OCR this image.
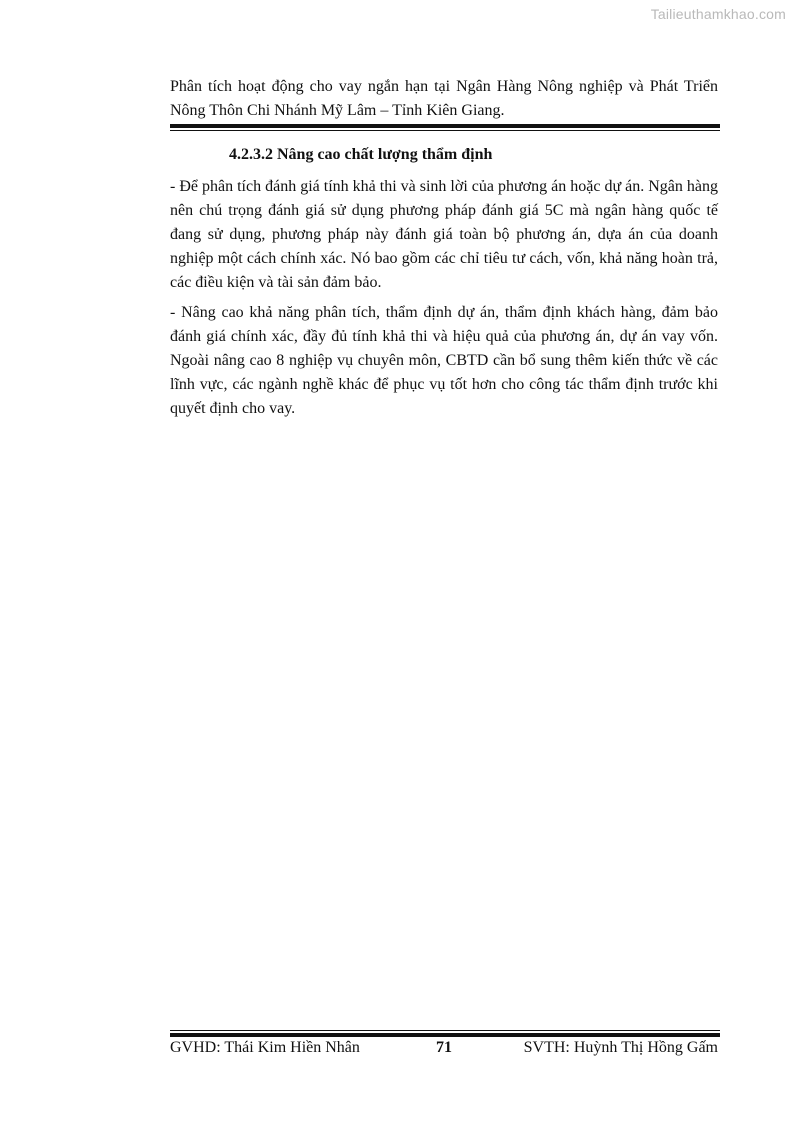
Tailieuthamkhao.com
Phân tích hoạt động cho vay ngắn hạn tại Ngân Hàng Nông nghiệp và Phát Triển Nông Thôn Chi Nhánh Mỹ Lâm – Tỉnh Kiên Giang.
4.2.3.2 Nâng cao chất lượng thẩm định

- Để phân tích đánh giá tính khả thi và sinh lời của phương án hoặc dự án. Ngân hàng nên chú trọng đánh giá sử dụng phương pháp đánh giá 5C mà ngân hàng quốc tế đang sử dụng, phương pháp này đánh giá toàn bộ phương án, dựa án của doanh nghiệp một cách chính xác. Nó bao gồm các chỉ tiêu tư cách, vốn, khả năng hoàn trả, các điều kiện và tài sản đảm bảo.

- Nâng cao khả năng phân tích, thẩm định dự án, thẩm định khách hàng, đảm bảo đánh giá chính xác, đầy đủ tính khả thi và hiệu quả của phương án, dự án vay vốn. Ngoài nâng cao 8 nghiệp vụ chuyên môn, CBTD cần bổ sung thêm kiến thức về các lĩnh vực, các ngành nghề khác để phục vụ tốt hơn cho công tác thẩm định trước khi quyết định cho vay.

GVHD: Thái Kim Hiền Nhân	71	SVTH: Huỳnh Thị Hồng Gấm
